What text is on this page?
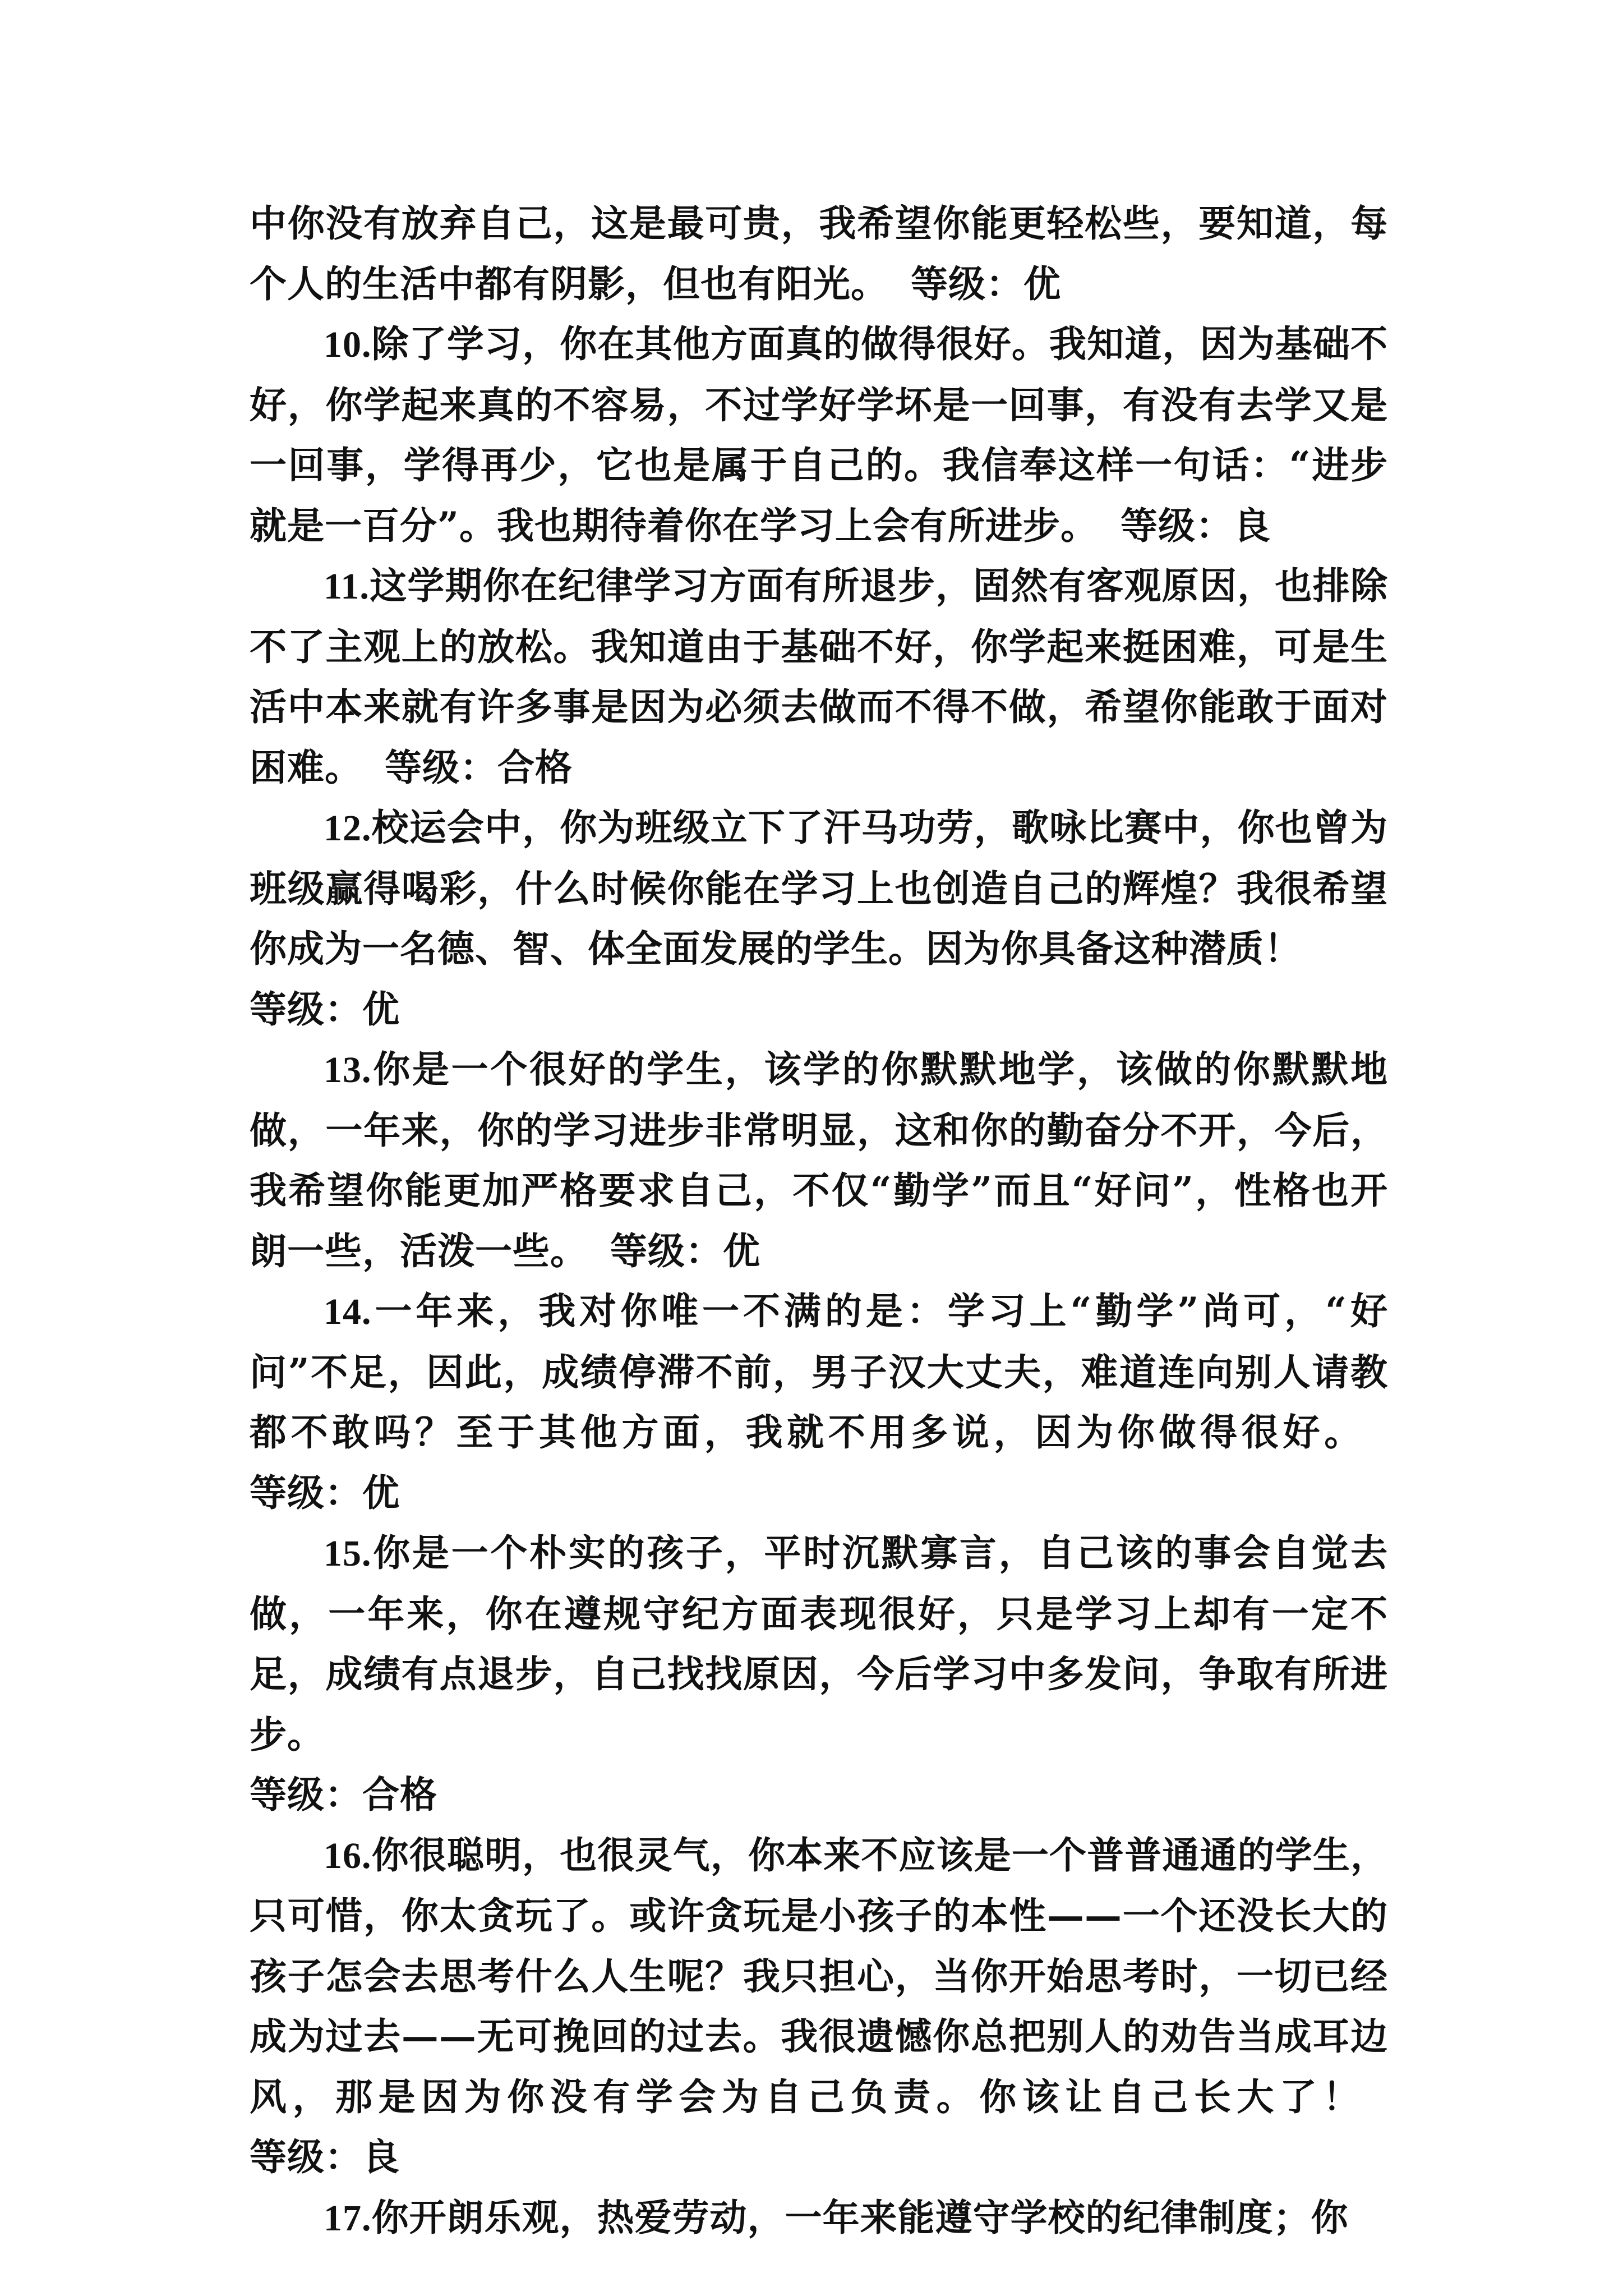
中你没有放弃自己，这是最可贵，我希望你能更轻松些，要知道，每个人的生活中都有阴影，但也有阳光。 等级：优

10.除了学习，你在其他方面真的做得很好。我知道，因为基础不好，你学起来真的不容易，不过学好学坏是一回事，有没有去学又是一回事，学得再少，它也是属于自己的。我信奉这样一句话：“进步就是一百分”。我也期待着你在学习上会有所进步。 等级：良

11.这学期你在纪律学习方面有所退步，固然有客观原因，也排除不了主观上的放松。我知道由于基础不好，你学起来挺困难，可是生活中本来就有许多事是因为必须去做而不得不做，希望你能敢于面对困难。 等级：合格

12.校运会中，你为班级立下了汗马功劳，歌咏比赛中，你也曾为班级赢得喝彩，什么时候你能在学习上也创造自己的辉煌？我很希望你成为一名德、智、体全面发展的学生。因为你具备这种潜质！
等级：优

13.你是一个很好的学生，该学的你默默地学，该做的你默默地做，一年来，你的学习进步非常明显，这和你的勤奋分不开，今后，我希望你能更加严格要求自己，不仅“勤学”而且“好问”，性格也开朗一些，活泼一些。 等级：优

14.一年来，我对你唯一不满的是：学习上“勤学”尚可，“好问”不足，因此，成绩停滞不前，男子汉大丈夫，难道连向别人请教都不敢吗？至于其他方面，我就不用多说，因为你做得很好。等级：优

15.你是一个朴实的孩子，平时沉默寡言，自己该的事会自觉去做，一年来，你在遵规守纪方面表现很好，只是学习上却有一定不足，成绩有点退步，自己找找原因，今后学习中多发问，争取有所进步。
等级：合格

16.你很聪明，也很灵气，你本来不应该是一个普普通通的学生，只可惜，你太贪玩了。或许贪玩是小孩子的本性——一个还没长大的孩子怎会去思考什么人生呢？我只担心，当你开始思考时，一切已经成为过去——无可挽回的过去。我很遗憾你总把别人的劝告当成耳边风，那是因为你没有学会为自己负责。你该让自己长大了！等级：良

17.你开朗乐观，热爱劳动，一年来能遵守学校的纪律制度；你
